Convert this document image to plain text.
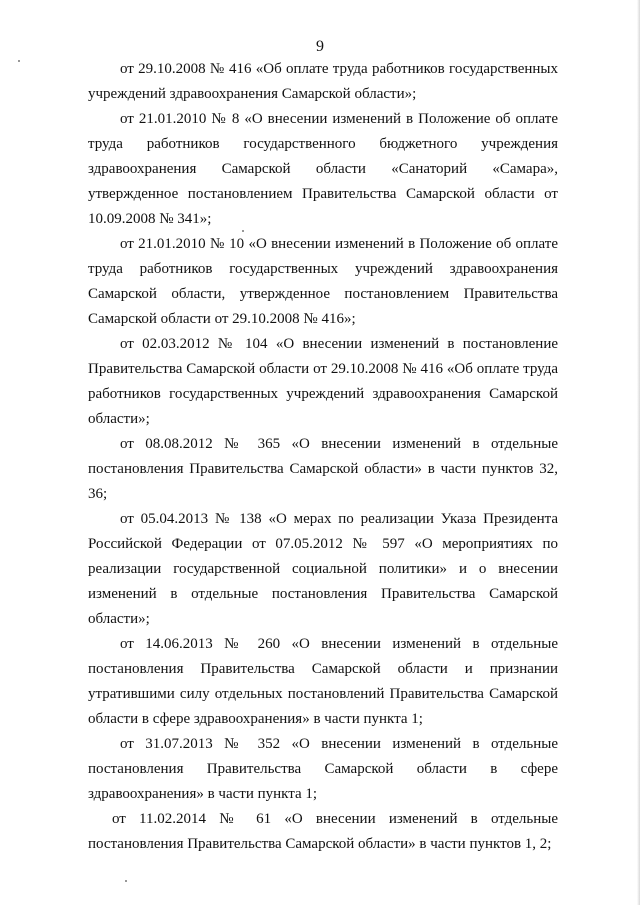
9

от 29.10.2008 № 416 «Об оплате труда работников государственных учреждений здравоохранения Самарской области»;

от 21.01.2010 № 8 «О внесении изменений в Положение об оплате труда работников государственного бюджетного учреждения здравоохранения Самарской области «Санаторий «Самара», утвержденное постановлением Правительства Самарской области от 10.09.2008 № 341»;

от 21.01.2010 № 10 «О внесении изменений в Положение об оплате труда работников государственных учреждений здравоохранения Самарской области, утвержденное постановлением Правительства Самарской области от 29.10.2008 № 416»;

от 02.03.2012 № 104 «О внесении изменений в постановление Правительства Самарской области от 29.10.2008 № 416 «Об оплате труда работников государственных учреждений здравоохранения Самарской области»;

от 08.08.2012 № 365 «О внесении изменений в отдельные постановления Правительства Самарской области» в части пунктов 32, 36;

от 05.04.2013 № 138 «О мерах по реализации Указа Президента Российской Федерации от 07.05.2012 № 597 «О мероприятиях по реализации государственной социальной политики» и о внесении изменений в отдельные постановления Правительства Самарской области»;

от 14.06.2013 № 260 «О внесении изменений в отдельные постановления Правительства Самарской области и признании утратившими силу отдельных постановлений Правительства Самарской области в сфере здравоохранения» в части пункта 1;

от 31.07.2013 № 352 «О внесении изменений в отдельные постановления Правительства Самарской области в сфере здравоохранения» в части пункта 1;

от 11.02.2014 № 61 «О внесении изменений в отдельные постановления Правительства Самарской области» в части пунктов 1, 2;
